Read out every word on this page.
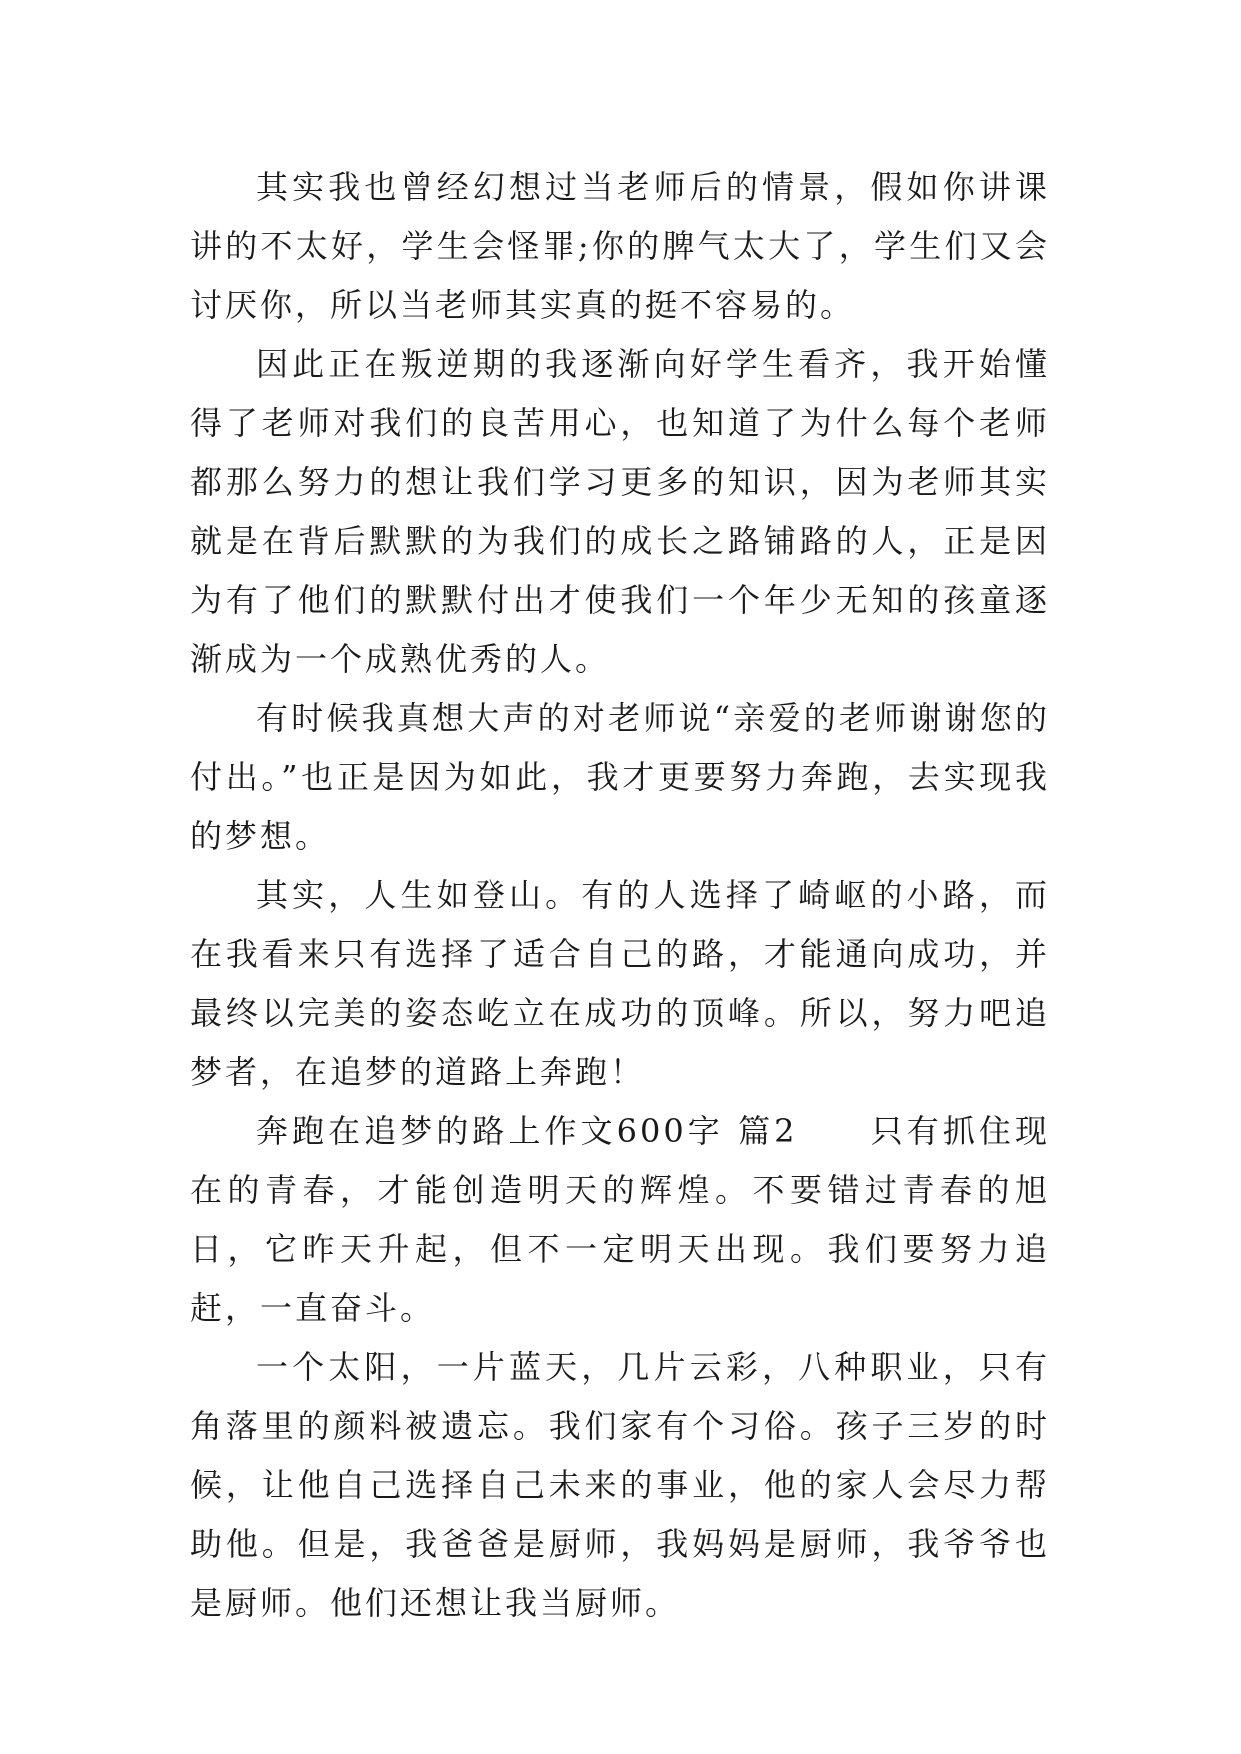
其实我也曾经幻想过当老师后的情景，假如你讲课讲的不太好，学生会怪罪;你的脾气太大了，学生们又会讨厌你，所以当老师其实真的挺不容易的。

因此正在叛逆期的我逐渐向好学生看齐，我开始懂得了老师对我们的良苦用心，也知道了为什么每个老师都那么努力的想让我们学习更多的知识，因为老师其实就是在背后默默的为我们的成长之路铺路的人，正是因为有了他们的默默付出才使我们一个年少无知的孩童逐渐成为一个成熟优秀的人。

有时候我真想大声的对老师说“亲爱的老师谢谢您的付出。”也正是因为如此，我才更要努力奔跑，去实现我的梦想。

其实，人生如登山。有的人选择了崎岖的小路，而在我看来只有选择了适合自己的路，才能通向成功，并最终以完美的姿态屹立在成功的顶峰。所以，努力吧追梦者，在追梦的道路上奔跑！

奔跑在追梦的路上作文600字 篇2　　只有抓住现在的青春，才能创造明天的辉煌。不要错过青春的旭日，它昨天升起，但不一定明天出现。我们要努力追赶，一直奋斗。

一个太阳，一片蓝天，几片云彩，八种职业，只有角落里的颜料被遗忘。我们家有个习俗。孩子三岁的时候，让他自己选择自己未来的事业，他的家人会尽力帮助他。但是，我爸爸是厨师，我妈妈是厨师，我爷爷也是厨师。他们还想让我当厨师。
